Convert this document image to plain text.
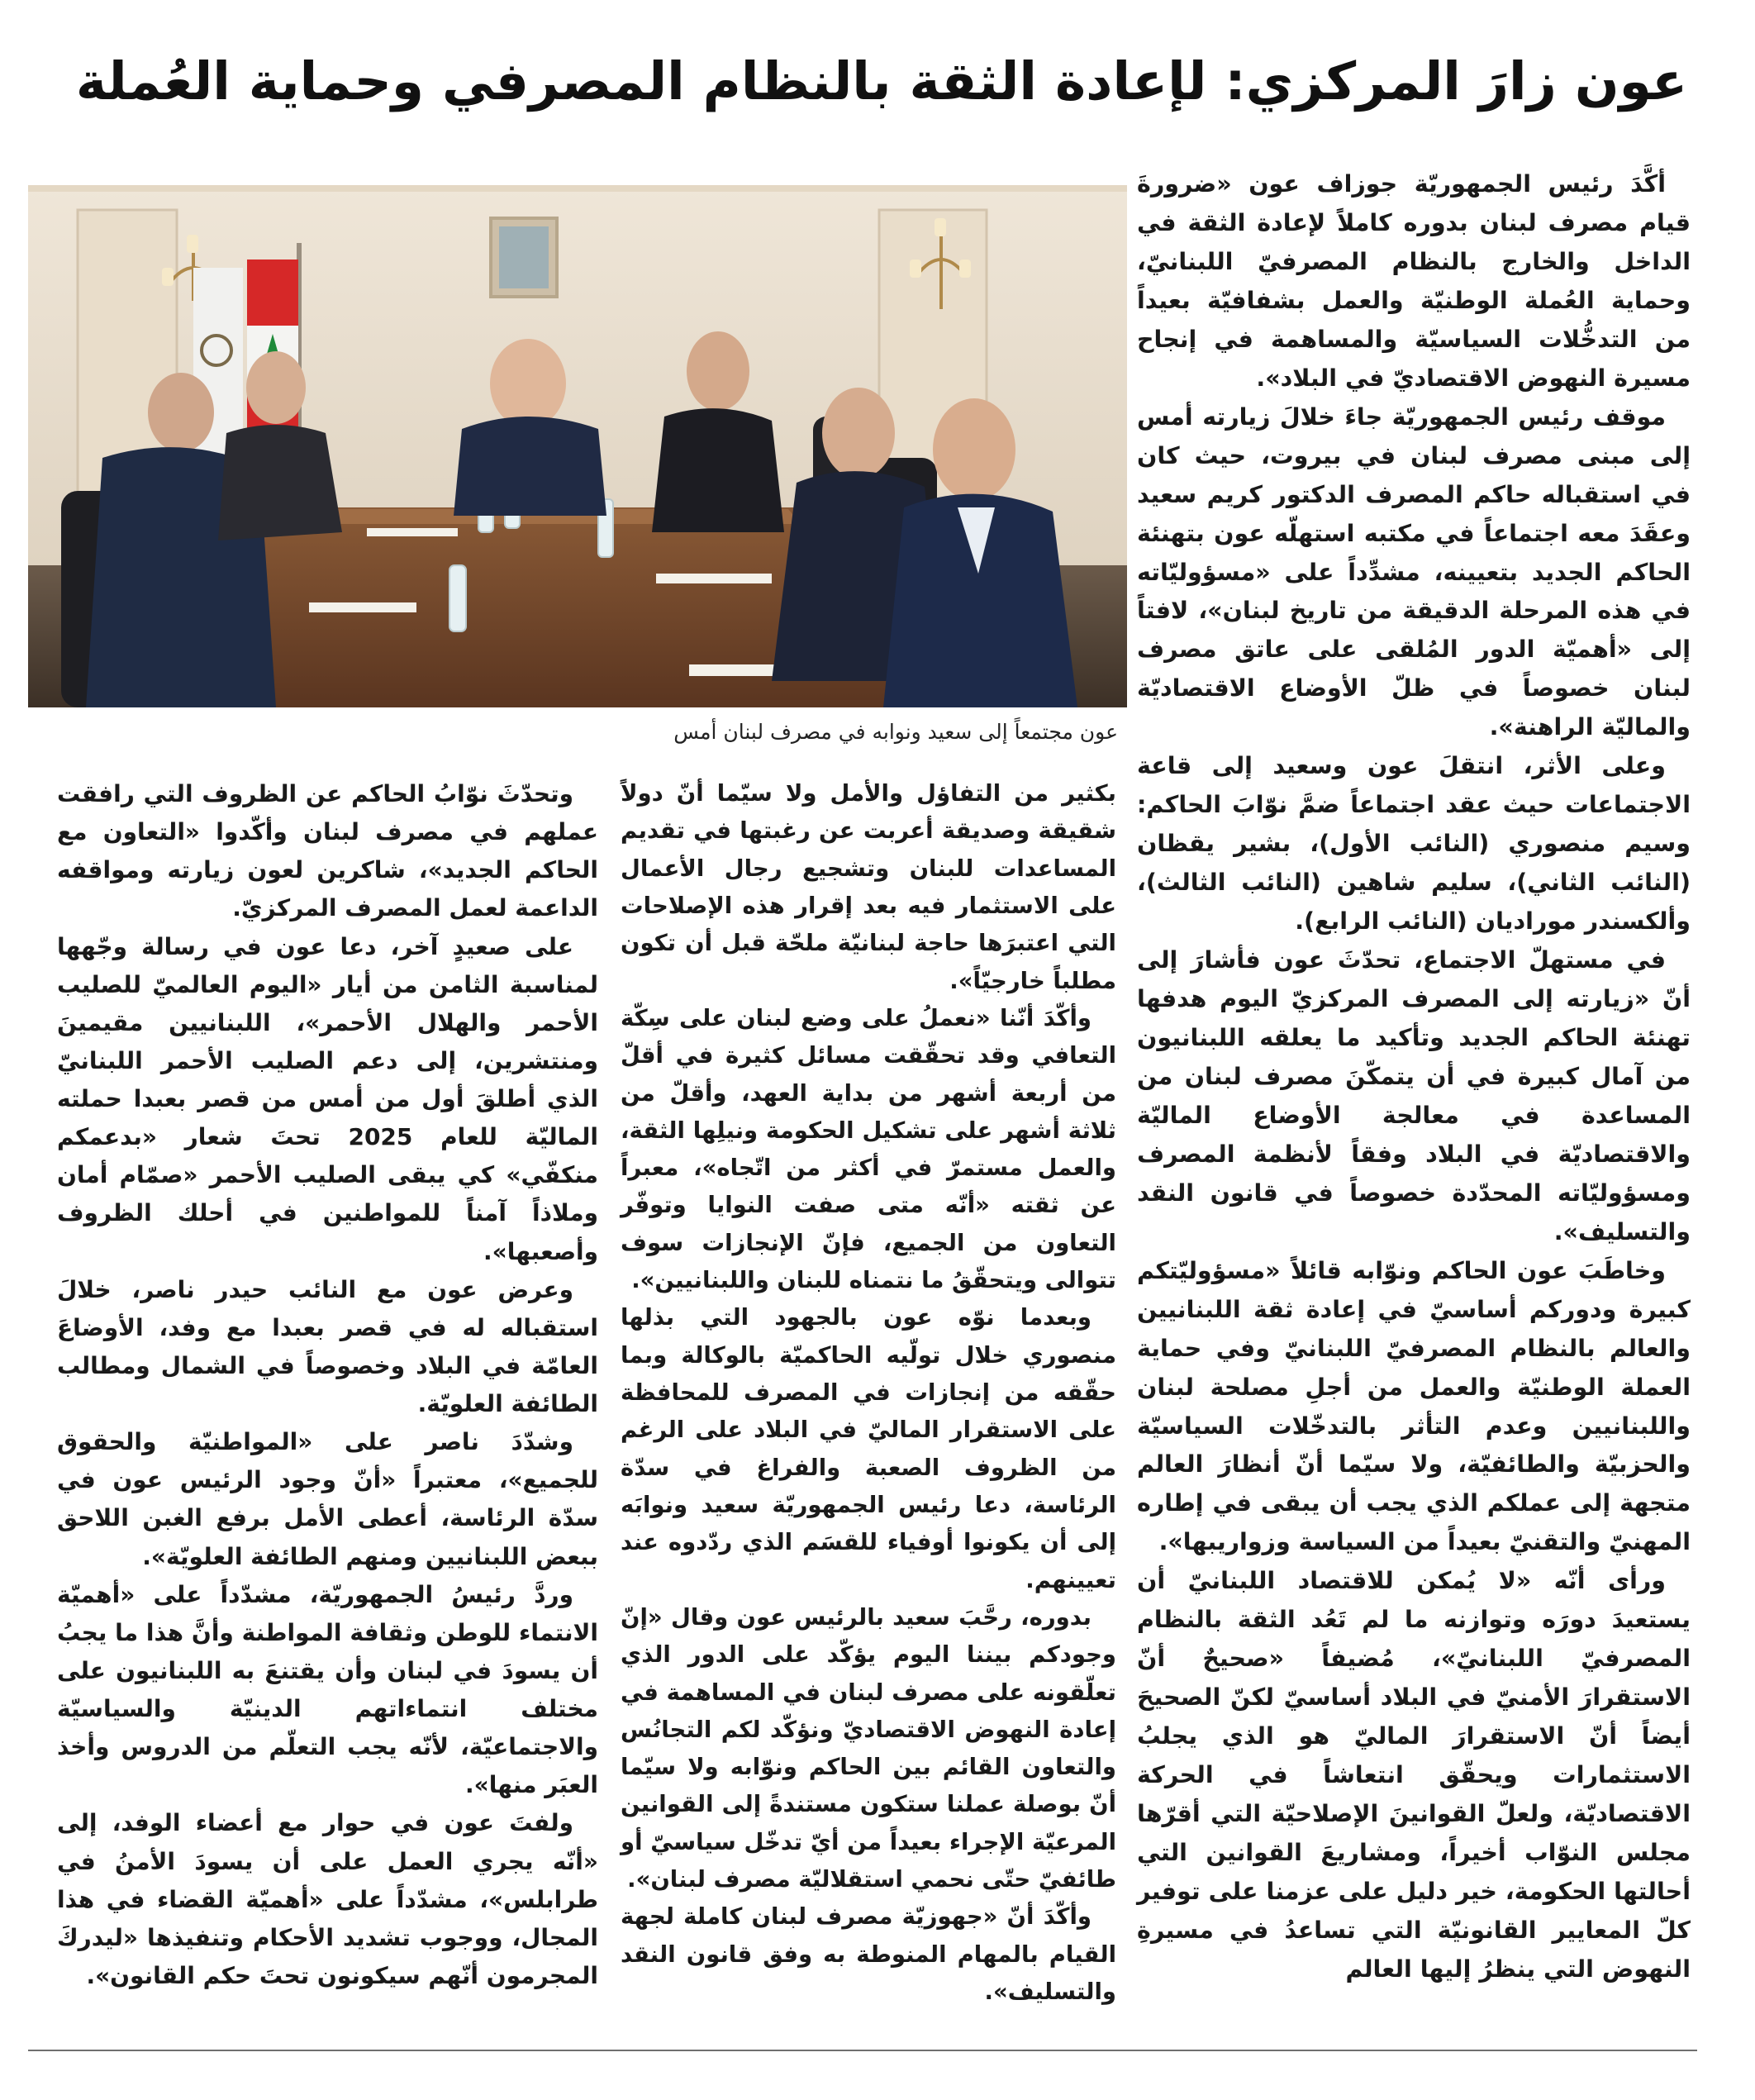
عون زارَ المركزي: لإعادة الثقة بالنظام المصرفي وحماية العُملة

أكَّدَ رئيس الجمهوريّة جوزاف عون «ضرورةَ قيام مصرف لبنان بدوره كاملاً لإعادة الثقة في الداخل والخارج بالنظام المصرفيّ اللبنانيّ، وحماية العُملة الوطنيّة والعمل بشفافيّة بعيداً من التدخُّلات السياسيّة والمساهمة في إنجاح مسيرة النهوض الاقتصاديّ في البلاد».

موقف رئيس الجمهوريّة جاءَ خلالَ زيارته أمس إلى مبنى مصرف لبنان في بيروت، حيث كان في استقباله حاكم المصرف الدكتور كريم سعيد وعقَدَ معه اجتماعاً في مكتبه استهلّه عون بتهنئة الحاكم الجديد بتعيينه، مشدِّداً على «مسؤوليّاته في هذه المرحلة الدقيقة من تاريخ لبنان»، لافتاً إلى «أهميّة الدور المُلقى على عاتق مصرف لبنان خصوصاً في ظلّ الأوضاع الاقتصاديّة والماليّة الراهنة».

وعلى الأثر، انتقلَ عون وسعيد إلى قاعة الاجتماعات حيث عقد اجتماعاً ضمَّ نوّابَ الحاكم: وسيم منصوري (النائب الأول)، بشير يقظان (النائب الثاني)، سليم شاهين (النائب الثالث)، وألكسندر موراديان (النائب الرابع).

في مستهلّ الاجتماع، تحدّثَ عون فأشارَ إلى أنّ «زيارته إلى المصرف المركزيّ اليوم هدفها تهنئة الحاكم الجديد وتأكيد ما يعلقه اللبنانيون من آمال كبيرة في أن يتمكّنَ مصرف لبنان من المساعدة في معالجة الأوضاع الماليّة والاقتصاديّة في البلاد وفقاً لأنظمة المصرف ومسؤوليّاته المحدّدة خصوصاً في قانون النقد والتسليف».

وخاطَبَ عون الحاكم ونوّابه قائلاً «مسؤوليّتكم كبيرة ودوركم أساسيّ في إعادة ثقة اللبنانيين والعالم بالنظام المصرفيّ اللبنانيّ وفي حماية العملة الوطنيّة والعمل من أجلِ مصلحة لبنان واللبنانيين وعدم التأثر بالتدخّلات السياسيّة والحزبيّة والطائفيّة، ولا سيّما أنّ أنظارَ العالم متجهة إلى عملكم الذي يجب أن يبقى في إطاره المهنيّ والتقنيّ بعيداً من السياسة وزواريبها».

ورأى أنّه «لا يُمكن للاقتصاد اللبنانيّ أن يستعيدَ دورَه وتوازنه ما لم تَعُد الثقة بالنظام المصرفيّ اللبنانيّ»، مُضيفاً «صحيحٌ أنّ الاستقرارَ الأمنيّ في البلاد أساسيّ لكنّ الصحيحَ أيضاً أنّ الاستقرارَ الماليّ هو الذي يجلبُ الاستثمارات ويحقّق انتعاشاً في الحركة الاقتصاديّة، ولعلّ القوانينَ الإصلاحيّة التي أقرّها مجلس النوّاب أخيراً، ومشاريعَ القوانين التي أحالتها الحكومة، خير دليل على عزمنا على توفير كلّ المعايير القانونيّة التي تساعدُ في مسيرةِ النهوض التي ينظرُ إليها العالم

عون مجتمعاً إلى سعيد ونوابه في مصرف لبنان أمس

بكثير من التفاؤل والأمل ولا سيّما أنّ دولاً شقيقة وصديقة أعربت عن رغبتها في تقديم المساعدات للبنان وتشجيع رجال الأعمال على الاستثمار فيه بعد إقرار هذه الإصلاحات التي اعتبرَها حاجة لبنانيّة ملحّة قبل أن تكون مطلباً خارجيّاً».

وأكّدَ أنّنا «نعملُ على وضع لبنان على سِكّة التعافي وقد تحقّقت مسائل كثيرة في أقلّ من أربعة أشهر من بداية العهد، وأقلّ من ثلاثة أشهر على تشكيل الحكومة ونيلِها الثقة، والعمل مستمرّ في أكثر من اتّجاه»، معبراً عن ثقته «أنّه متى صفت النوايا وتوفّر التعاون من الجميع، فإنّ الإنجازات سوف تتوالى ويتحقّقُ ما نتمناه للبنان واللبنانيين».

وبعدما نوّه عون بالجهود التي بذلها منصوري خلال تولّيه الحاكميّة بالوكالة وبما حقّقه من إنجازات في المصرف للمحافظة على الاستقرار الماليّ في البلاد على الرغم من الظروف الصعبة والفراغ في سدّة الرئاسة، دعا رئيس الجمهوريّة سعيد ونوابَه إلى أن يكونوا أوفياء للقسَم الذي ردّدوه عند تعيينهم.

بدوره، رحَّبَ سعيد بالرئيس عون وقال «إنّ وجودكم بيننا اليوم يؤكّد على الدور الذي تعلّقونه على مصرف لبنان في المساهمة في إعادة النهوض الاقتصاديّ ونؤكّد لكم التجانُس والتعاون القائم بين الحاكم ونوّابه ولا سيّما أنّ بوصلة عملنا ستكون مستندةً إلى القوانين المرعيّة الإجراء بعيداً من أيّ تدخّل سياسيّ أو طائفيّ حتّى نحمي استقلاليّة مصرف لبنان».

وأكّدَ أنّ «جهوزيّة مصرف لبنان كاملة لجهة القيام بالمهام المنوطة به وفق قانون النقد والتسليف».

وتحدّثَ نوّابُ الحاكم عن الظروف التي رافقت عملهم في مصرف لبنان وأكّدوا «التعاون مع الحاكم الجديد»، شاكرين لعون زيارته ومواقفه الداعمة لعمل المصرف المركزيّ.

على صعيدٍ آخر، دعا عون في رسالة وجّهها لمناسبة الثامن من أيار «اليوم العالميّ للصليب الأحمر والهلال الأحمر»، اللبنانيين مقيمينَ ومنتشرين، إلى دعم الصليب الأحمر اللبنانيّ الذي أطلقَ أول من أمس من قصر بعبدا حملته الماليّة للعام 2025 تحتَ شعار «بدعمكم منكفّي» كي يبقى الصليب الأحمر «صمّام أمان وملاذاً آمناً للمواطنين في أحلك الظروف وأصعبها».

وعرض عون مع النائب حيدر ناصر، خلالَ استقباله له في قصر بعبدا مع وفد، الأوضاعَ العامّة في البلاد وخصوصاً في الشمال ومطالب الطائفة العلويّة.

وشدّدَ ناصر على «المواطنيّة والحقوق للجميع»، معتبراً «أنّ وجود الرئيس عون في سدّة الرئاسة، أعطى الأمل برفع الغبن اللاحق ببعض اللبنانيين ومنهم الطائفة العلويّة».

وردَّ رئيسُ الجمهوريّة، مشدّداً على «أهميّة الانتماء للوطن وثقافة المواطنة وأنَّ هذا ما يجبُ أن يسودَ في لبنان وأن يقتنعَ به اللبنانيون على مختلف انتماءاتهم الدينيّة والسياسيّة والاجتماعيّة، لأنّه يجب التعلّم من الدروس وأخذ العبَر منها».

ولفتَ عون في حوار مع أعضاء الوفد، إلى «أنّه يجري العمل على أن يسودَ الأمنُ في طرابلس»، مشدّداً على «أهميّة القضاء في هذا المجال، ووجوب تشديد الأحكام وتنفيذها «ليدركَ المجرمون أنّهم سيكونون تحتَ حكم القانون».
